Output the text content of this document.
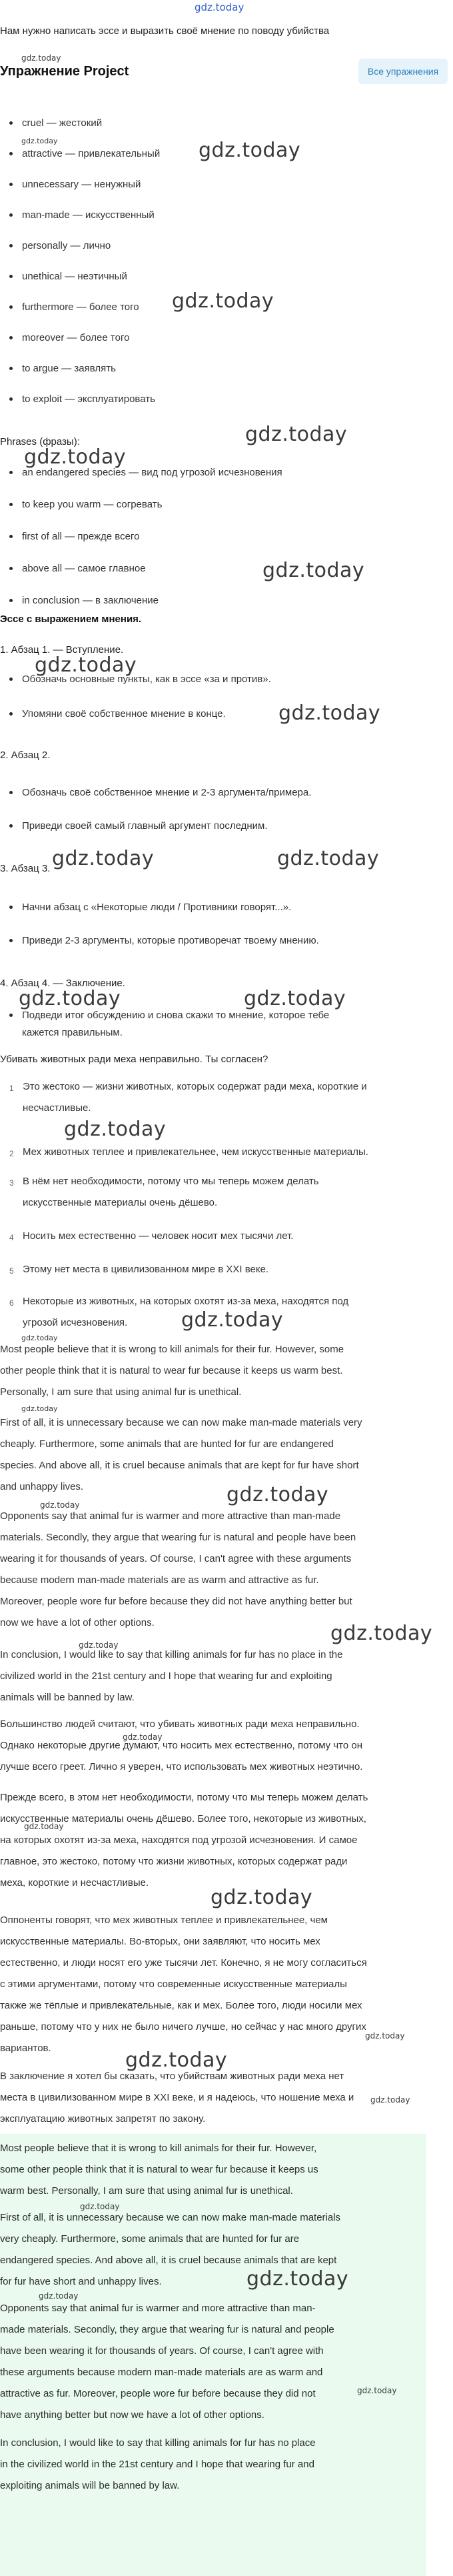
gdz.today
Нам нужно написать эссе и выразить своё мнение по поводу убийства
gdz.today
Упражнение Project	Все упражнения
cruel — жестокий
attractive — привлекательный
unnecessary — ненужный
man-made — искусственный
personally — лично
unethical — неэтичный
furthermore — более того
moreover — более того
to argue — заявлять
to exploit — эксплуатировать
gdz.today	gdz.today
gdz.today
Phrases (фразы):	gdz.today
gdz.today
an endangered species — вид под угрозой исчезновения
to keep you warm — согревать
first of all — прежде всего
above all — самое главное
in conclusion — в заключение
gdz.today
Эссе с выражением мнения.
1. Абзац 1. — Вступление.
gdz.today
Обозначь основные пункты, как в эссе «за и против».
Упомяни своё собственное мнение в конце.	gdz.today
2. Абзац 2.
Обозначь своё собственное мнение и 2-3 аргумента/примера.
Приведи своей самый главный аргумент последним.
3. Абзац 3. gdz.today	gdz.today
Начни абзац с «Некоторые люди / Противники говорят...».
Приведи 2-3 аргументы, которые противоречат твоему мнению.
4. Абзац 4. — Заключение.
gdz.today	gdz.today
Подведи итог обсуждению и снова скажи то мнение, которое тебе
кажется правильным.
Убивать животных ради меха неправильно. Ты согласен?
1 Это жестоко — жизни животных, которых содержат ради меха, короткие и
несчастливые.
gdz.today
2 Мех животных теплее и привлекательнее, чем искусственные материалы.
3 В нём нет необходимости, потому что мы теперь можем делать
искусственные материалы очень дёшево.
4 Носить мех естественно — человек носит мех тысячи лет.
5 Этому нет места в цивилизованном мире в XXI веке.
6 Некоторые из животных, на которых охотят из-за меха, находятся под
угрозой исчезновения.	gdz.today
gdz.today
Most people believe that it is wrong to kill animals for their fur. However, some
other people think that it is natural to wear fur because it keeps us warm best.
Personally, I am sure that using animal fur is unethical.
gdz.today
First of all, it is unnecessary because we can now make man-made materials very
cheaply. Furthermore, some animals that are hunted for fur are endangered
species. And above all, it is cruel because animals that are kept for fur have short
and unhappy lives.	gdz.today
gdz.today
Opponents say that animal fur is warmer and more attractive than man-made
materials. Secondly, they argue that wearing fur is natural and people have been
wearing it for thousands of years. Of course, I can't agree with these arguments
because modern man-made materials are as warm and attractive as fur.
Moreover, people wore fur before because they did not have anything better but
now we have a lot of other options.	gdz.today
gdz.today
In conclusion, I would like to say that killing animals for fur has no place in the
civilized world in the 21st century and I hope that wearing fur and exploiting
animals will be banned by law.
Большинство людей считают, что убивать животных ради меха неправильно.
Однако некоторые другие думают, что носить мех естественно, потому что он
лучше всего греет. Лично я уверен, что использовать мех животных неэтично.
gdz.today
Прежде всего, в этом нет необходимости, потому что мы теперь можем делать
искусственные материалы очень дёшево. Более того, некоторые из животных,
на которых охотят из-за меха, находятся под угрозой исчезновения. И самое
главное, это жестоко, потому что жизни животных, которых содержат ради
меха, короткие и несчастливые.
gdz.today
gdz.today
Оппоненты говорят, что мех животных теплее и привлекательнее, чем
искусственные материалы. Во-вторых, они заявляют, что носить мех
естественно, и люди носят его уже тысячи лет. Конечно, я не могу согласиться
с этими аргументами, потому что современные искусственные материалы
также же тёплые и привлекательные, как и мех. Более того, люди носили мех
раньше, потому что у них не было ничего лучше, но сейчас у нас много других
вариантов.
gdz.today
gdz.today
В заключение я хотел бы сказать, что убийствам животных ради меха нет
места в цивилизованном мире в XXI веке, и я надеюсь, что ношение меха и
эксплуатацию животных запретят по закону.
gdz.today
Most people believe that it is wrong to kill animals for their fur. However,
some other people think that it is natural to wear fur because it keeps us
warm best. Personally, I am sure that using animal fur is unethical.
gdz.today
First of all, it is unnecessary because we can now make man-made materials
very cheaply. Furthermore, some animals that are hunted for fur are
endangered species. And above all, it is cruel because animals that are kept
for fur have short and unhappy lives.	gdz.today
gdz.today
Opponents say that animal fur is warmer and more attractive than man-
made materials. Secondly, they argue that wearing fur is natural and people
have been wearing it for thousands of years. Of course, I can't agree with
these arguments because modern man-made materials are as warm and
attractive as fur. Moreover, people wore fur before because they did not
have anything better but now we have a lot of other options.
gdz.today
In conclusion, I would like to say that killing animals for fur has no place
in the civilized world in the 21st century and I hope that wearing fur and
exploiting animals will be banned by law.
